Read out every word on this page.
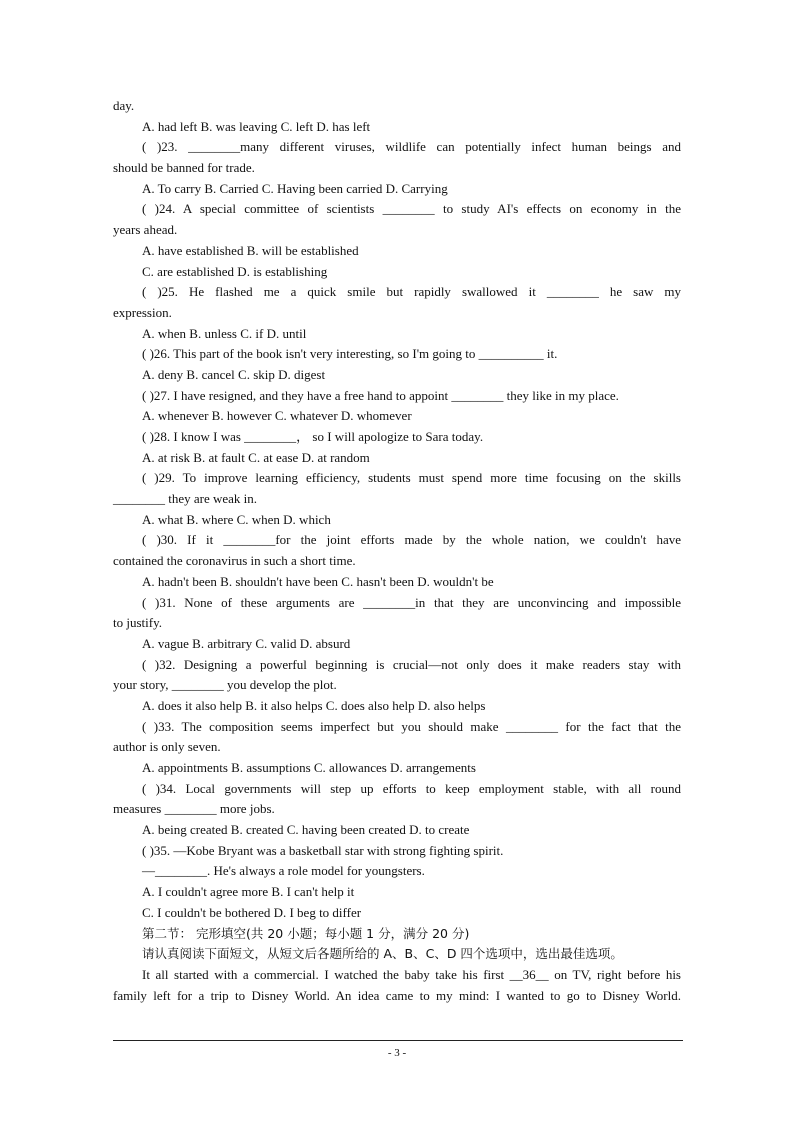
day.
A. had left B. was leaving C. left D. has left
( )23. ________many different viruses, wildlife can potentially infect human beings and
should be banned for trade.
A. To carry B. Carried C. Having been carried D. Carrying
( )24. A special committee of scientists ________ to study AI's effects on economy in the
years ahead.
A. have established B. will be established
C. are established D. is establishing
( )25. He flashed me a quick smile but rapidly swallowed it ________ he saw my
expression.
A. when B. unless C. if D. until
( )26. This part of the book isn't very interesting, so I'm going to __________ it.
A. deny B. cancel C. skip D. digest
( )27. I have resigned, and they have a free hand to appoint ________ they like in my place.
A. whenever B. however C. whatever D. whomever
( )28. I know I was ________， so I will apologize to Sara today.
A. at risk B. at fault C. at ease D. at random
( )29. To improve learning efficiency, students must spend more time focusing on the skills
________ they are weak in.
A. what B. where C. when D. which
( )30. If it ________for the joint efforts made by the whole nation, we couldn't have
contained the coronavirus in such a short time.
A. hadn't been B. shouldn't have been C. hasn't been D. wouldn't be
( )31. None of these arguments are ________in that they are unconvincing and impossible
to justify.
A. vague B. arbitrary C. valid D. absurd
( )32. Designing a powerful beginning is crucial—not only does it make readers stay with
your story, ________ you develop the plot.
A. does it also help B. it also helps C. does also help D. also helps
( )33. The composition seems imperfect but you should make ________ for the fact that the
author is only seven.
A. appointments B. assumptions C. allowances D. arrangements
( )34. Local governments will step up efforts to keep employment stable, with all round
measures ________ more jobs.
A. being created B. created C. having been created D. to create
( )35. —Kobe Bryant was a basketball star with strong fighting spirit.
—________. He's always a role model for youngsters.
A. I couldn't agree more B. I can't help it
C. I couldn't be bothered D. I beg to differ
第二节： 完形填空(共 20 小题；每小题 1 分，满分 20 分)
请认真阅读下面短文，从短文后各题所给的 A、B、C、D 四个选项中，选出最佳选项。
It all started with a commercial. I watched the baby take his first __36__ on TV, right before his
family left for a trip to Disney World. An idea came to my mind: I wanted to go to Disney World.
- 3 -
